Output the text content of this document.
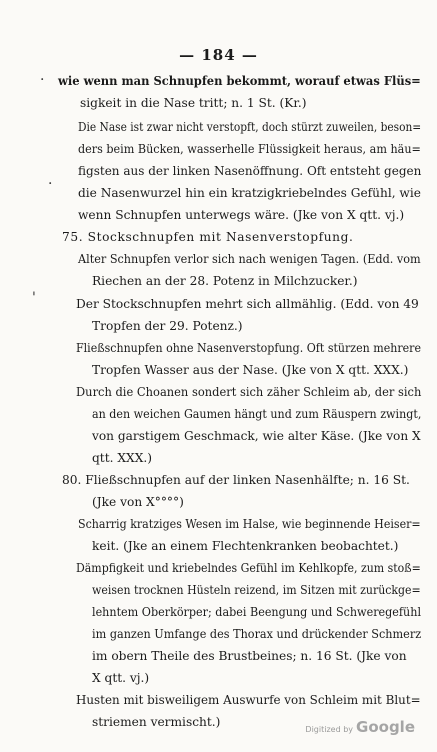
— 184 —
·
·
'
wie wenn man Schnupfen bekommt, worauf etwas Flüs=
sigkeit in die Nase tritt; n. 1 St. (Kr.)
Die Nase ist zwar nicht verstopft, doch stürzt zuweilen, beson=
ders beim Bücken, wasserhelle Flüssigkeit heraus, am häu=
figsten aus der linken Nasenöffnung. Oft entsteht gegen
die Nasenwurzel hin ein kratzigkriebelndes Gefühl, wie
wenn Schnupfen unterwegs wäre. (Jke von X qtt. vj.)
75. Stockschnupfen mit Nasenverstopfung.
Alter Schnupfen verlor sich nach wenigen Tagen. (Edd. vom
Riechen an der 28. Potenz in Milchzucker.)
Der Stockschnupfen mehrt sich allmählig. (Edd. von 49
Tropfen der 29. Potenz.)
Fließschnupfen ohne Nasenverstopfung. Oft stürzen mehrere
Tropfen Wasser aus der Nase. (Jke von X qtt. XXX.)
Durch die Choanen sondert sich zäher Schleim ab, der sich
an den weichen Gaumen hängt und zum Räuspern zwingt,
von garstigem Geschmack, wie alter Käse. (Jke von X
qtt. XXX.)
80. Fließschnupfen auf der linken Nasenhälfte; n. 16 St.
(Jke von X°°°°)
Scharrig kratziges Wesen im Halse, wie beginnende Heiser=
keit. (Jke an einem Flechtenkranken beobachtet.)
Dämpfigkeit und kriebelndes Gefühl im Kehlkopfe, zum stoß=
weisen trocknen Hüsteln reizend, im Sitzen mit zurückge=
lehntem Oberkörper; dabei Beengung und Schweregefühl
im ganzen Umfange des Thorax und drückender Schmerz
im obern Theile des Brustbeines; n. 16 St. (Jke von
X qtt. vj.)
Husten mit bisweiligem Auswurfe von Schleim mit Blut=
striemen vermischt.)
Digitized by Google
